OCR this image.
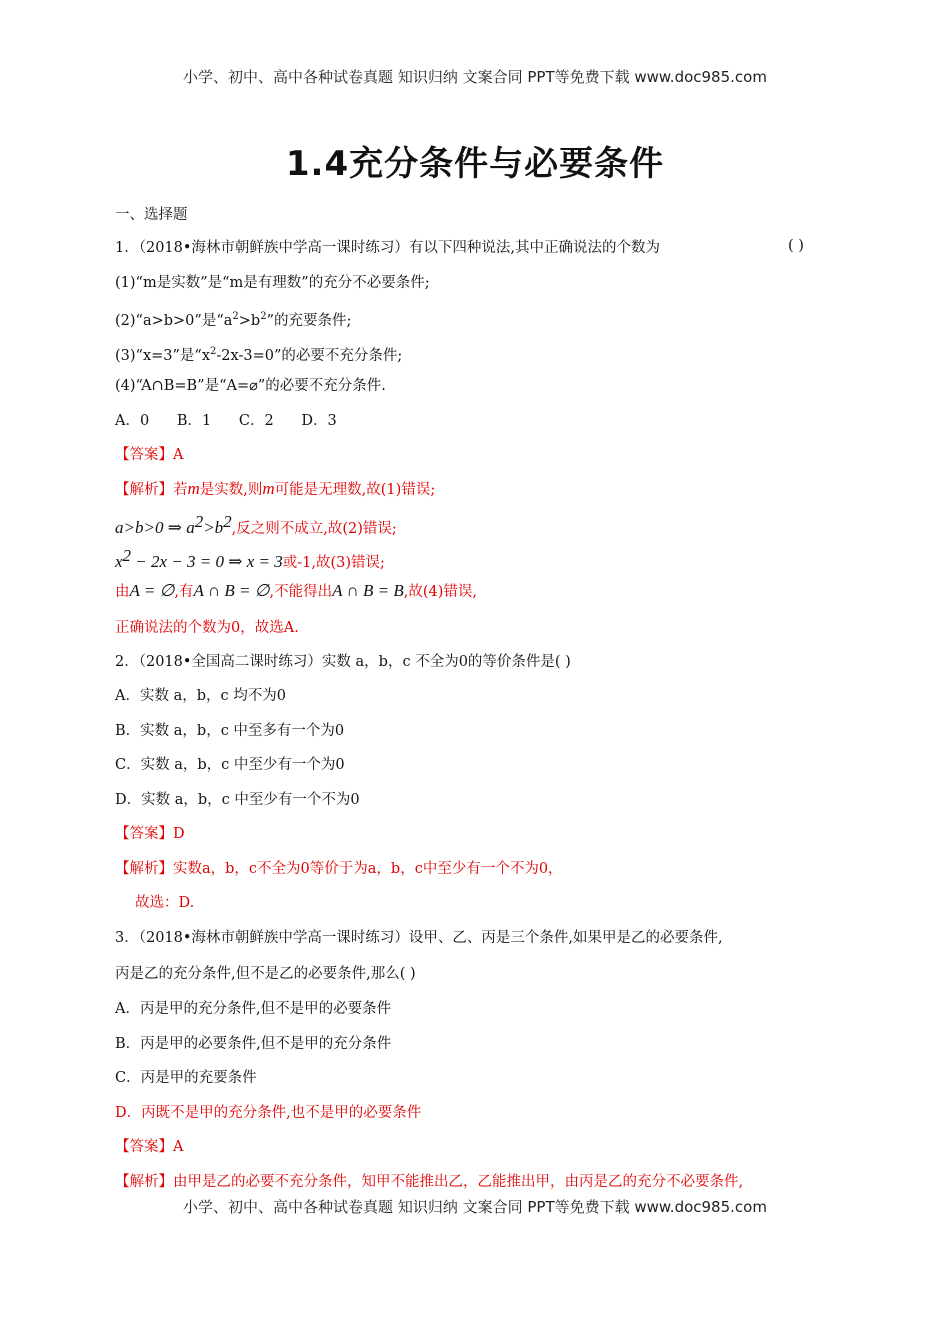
小学、初中、高中各种试卷真题 知识归纳 文案合同 PPT等免费下载 www.doc985.com
1.4充分条件与必要条件
一、选择题
1．（2018•海林市朝鲜族中学高一课时练习）有以下四种说法,其中正确说法的个数为	( )
(1)“m是实数”是“m是有理数”的充分不必要条件;
(2)“a>b>0”是“$a^2>b^2$”的充要条件;
(3)“x=3”是“$x^2-2x-3=0$”的必要不充分条件;
(4)“A∩B=B”是“A=⌀”的必要不充分条件.
A．0      B．1      C．2      D．3
【答案】A
【解析】若m是实数,则m可能是无理数,故(1)错误;
a>b>0 ⇒ $a^2>b^2$,反之则不成立,故(2)错误;
$x^2 - 2x - 3 = 0$ ⇒ x = 3或-1,故(3)错误;
由A = ∅,有A ∩ B = ∅,不能得出A ∩ B = B,故(4)错误,
正确说法的个数为0，故选A.
2．（2018•全国高二课时练习）实数 a，b，c 不全为0的等价条件是( )
A．实数 a，b，c 均不为0
B．实数 a，b，c 中至多有一个为0
C．实数 a，b，c 中至少有一个为0
D．实数 a，b，c 中至少有一个不为0
【答案】D
【解析】实数a，b，c不全为0等价于为a，b，c中至少有一个不为0，
故选：D.
3．（2018•海林市朝鲜族中学高一课时练习）设甲、乙、丙是三个条件,如果甲是乙的必要条件,
丙是乙的充分条件,但不是乙的必要条件,那么( )
A．丙是甲的充分条件,但不是甲的必要条件
B．丙是甲的必要条件,但不是甲的充分条件
C．丙是甲的充要条件
D．丙既不是甲的充分条件,也不是甲的必要条件
【答案】A
【解析】由甲是乙的必要不充分条件，知甲不能推出乙，乙能推出甲，由丙是乙的充分不必要条件,
小学、初中、高中各种试卷真题 知识归纳 文案合同 PPT等免费下载 www.doc985.com
